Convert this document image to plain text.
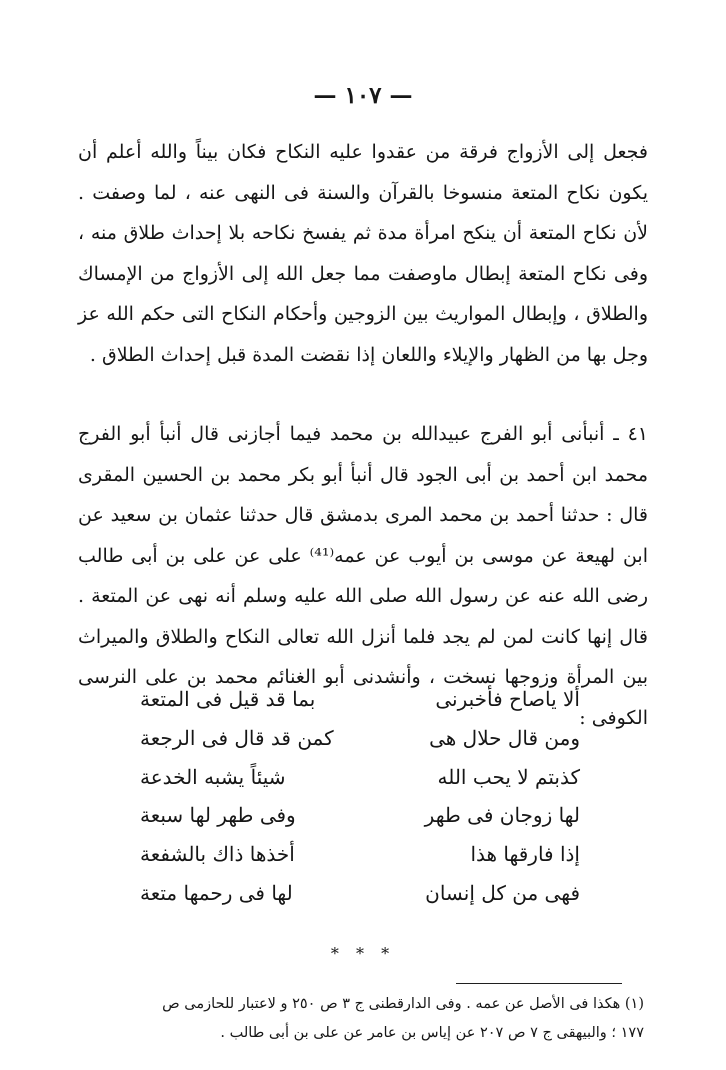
— ١٠٧ —

فجعل إلى الأزواج فرقة من عقدوا عليه النكاح فكان بيناً والله أعلم أن يكون نكاح المتعة منسوخا بالقرآن والسنة فى النهى عنه ، لما وصفت . لأن نكاح المتعة أن ينكح امرأة مدة ثم يفسخ نكاحه بلا إحداث طلاق منه ، وفى نكاح المتعة إبطال ماوصفت مما جعل الله إلى الأزواج من الإمساك والطلاق ، وإبطال المواريث بين الزوجين وأحكام النكاح التى حكم الله عز وجل بها من الظهار والإيلاء واللعان إذا نقضت المدة قبل إحداث الطلاق .

٤١ ـ أنبأنى أبو الفرج عبيدالله بن محمد فيما أجازنى قال أنبأ أبو الفرج محمد ابن أحمد بن أبى الجود قال أنبأ أبو بكر محمد بن الحسين المقرى قال : حدثنا أحمد بن محمد المرى بدمشق قال حدثنا عثمان بن سعيد عن ابن لهيعة عن موسى بن أيوب عن عمه⁽⁴¹⁾ على عن على بن أبى طالب رضى الله عنه عن رسول الله صلى الله عليه وسلم أنه نهى عن المتعة . قال إنها كانت لمن لم يجد فلما أنزل الله تعالى النكاح والطلاق والميراث بين المرأة وزوجها نسخت ، وأنشدنى أبو الغنائم محمد بن على النرسى الكوفى :

ألا ياصاح فأخبرنى
بما قد قيل فى المتعة
ومن قال حلال هى
كمن قد قال فى الرجعة
كذبتم لا يحب الله
شيئاً يشبه الخدعة
لها زوجان فى طهر
وفى طهر لها سبعة
إذا فارقها هذا
أخذها ذاك بالشفعة
فهى من كل إنسان
لها فى رحمها متعة
* * *

(١) هكذا فى الأصل عن عمه . وفى الدارقطنى ج ٣ ص ٢٥٠ و لاعتبار للحازمى ص

١٧٧ ؛ والبيهقى ج ٧ ص ٢٠٧ عن إياس بن عامر عن على بن أبى طالب .
